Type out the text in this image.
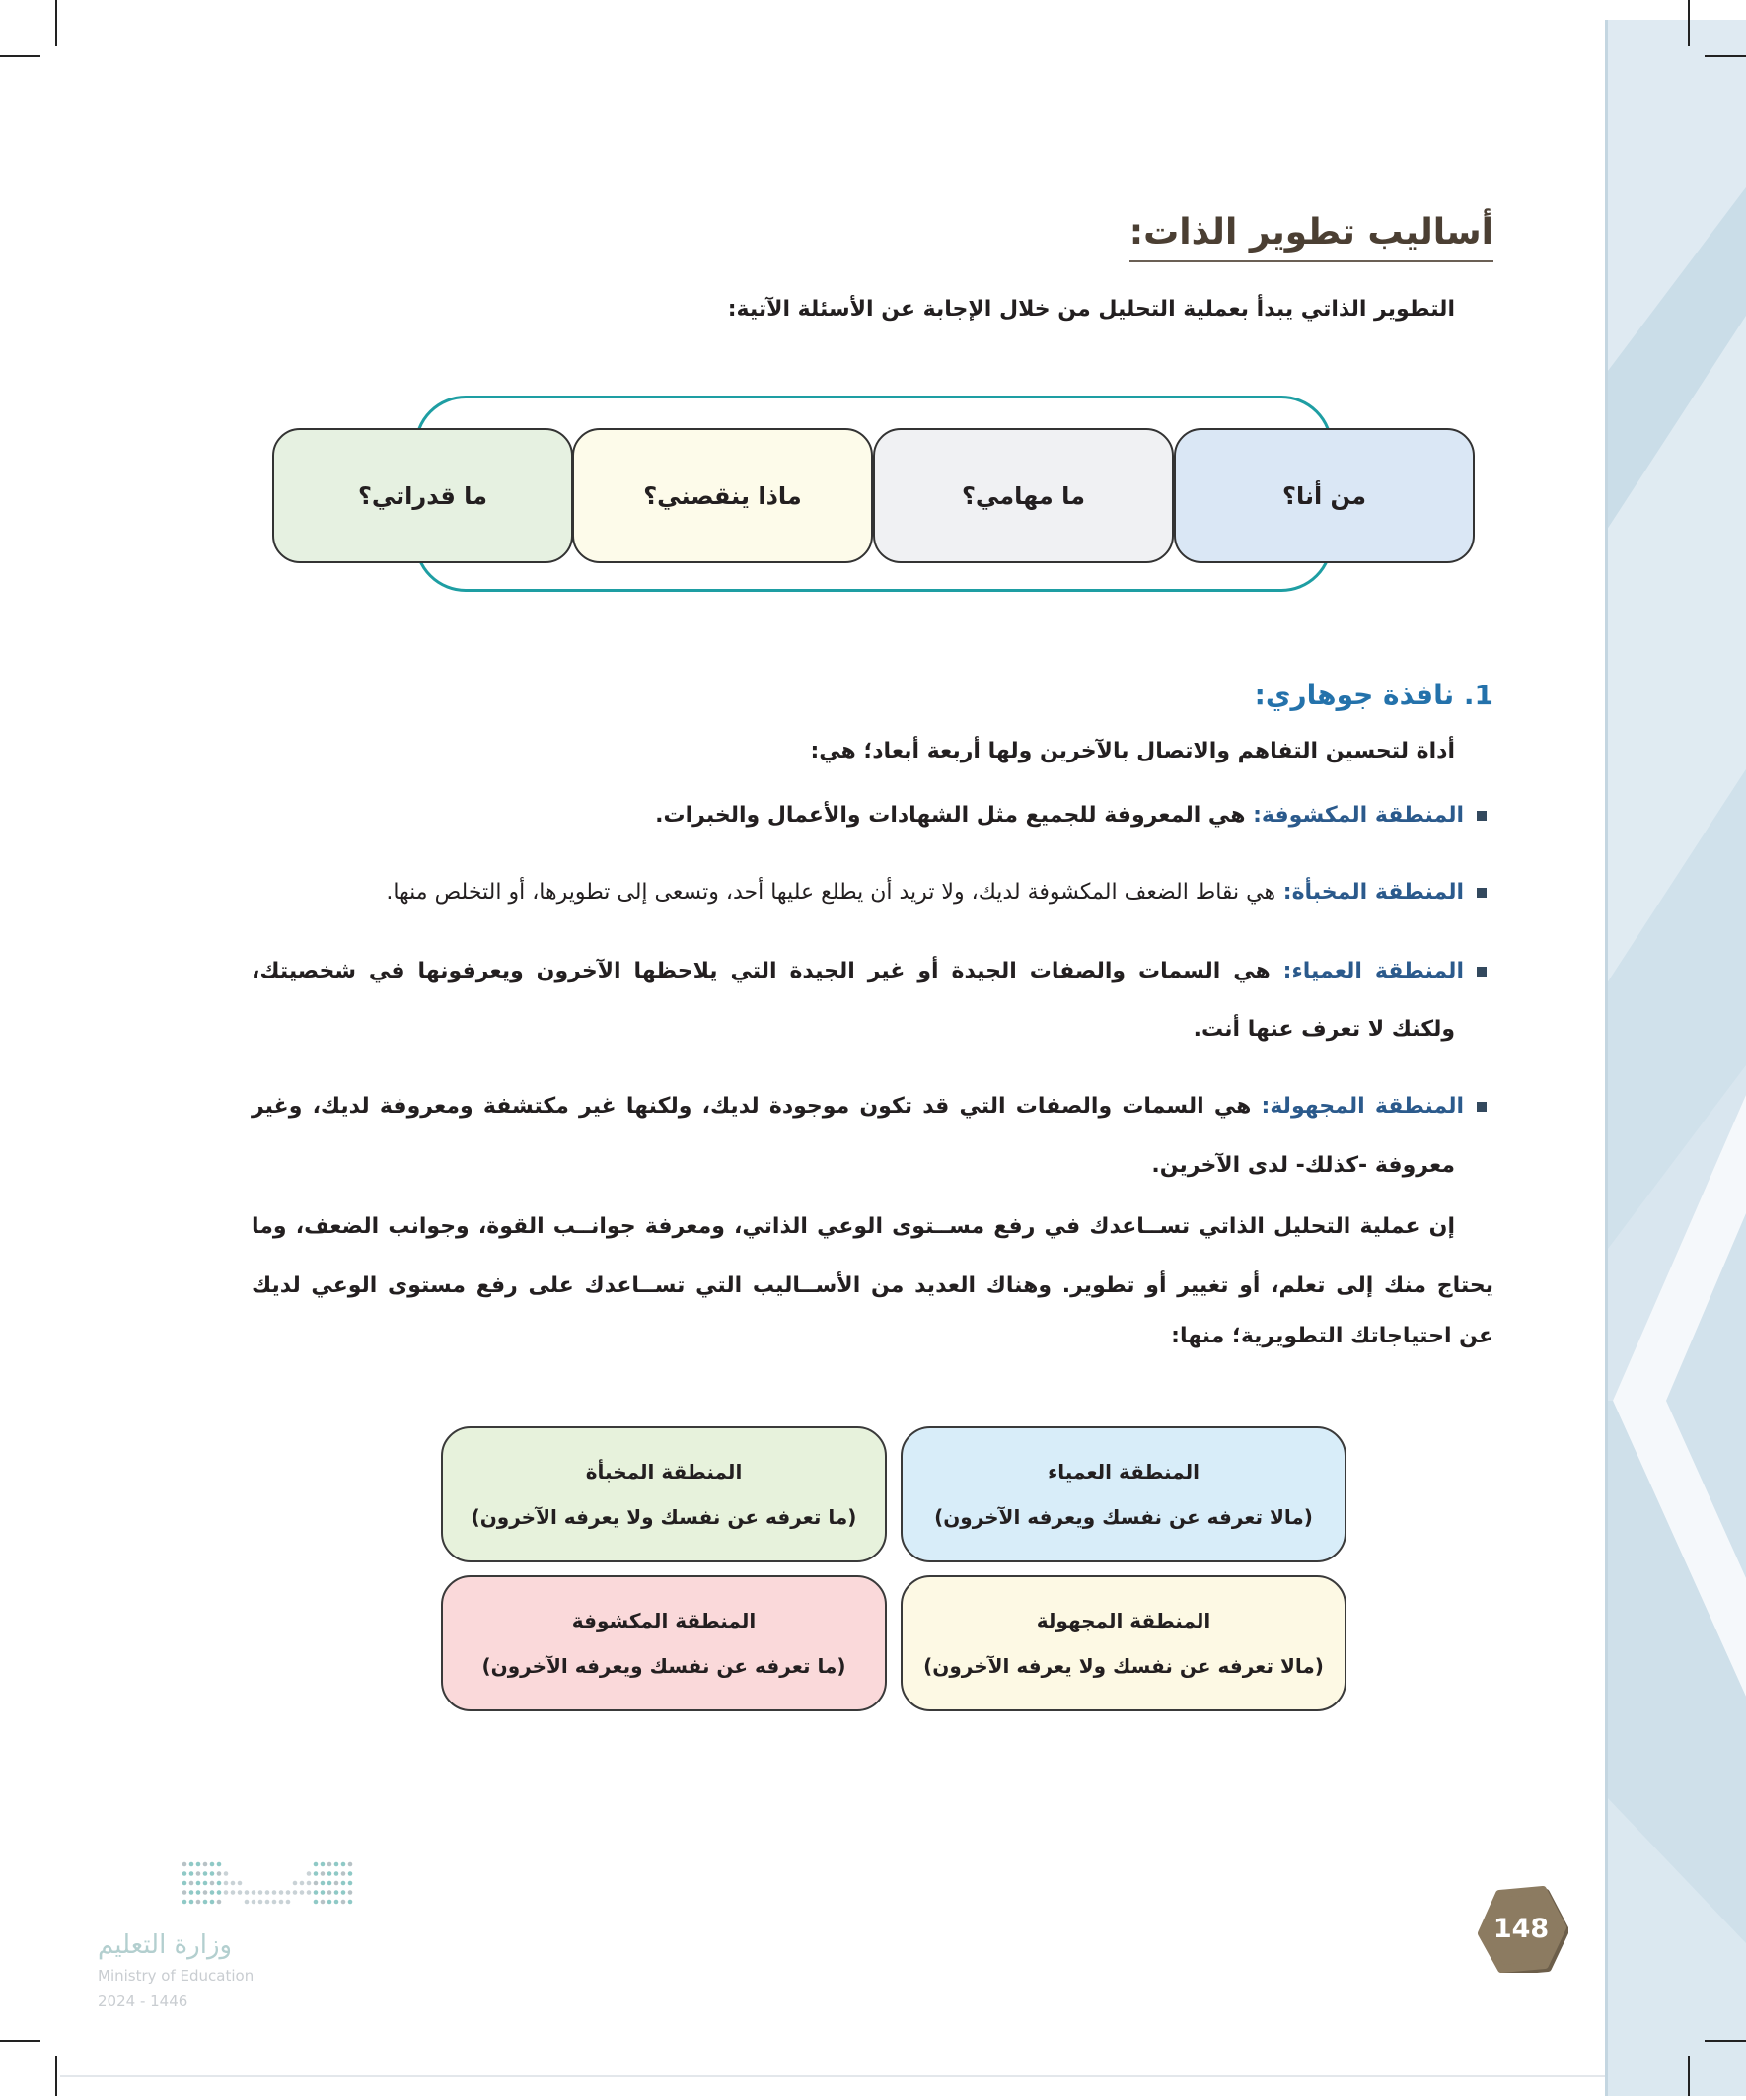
أساليب تطوير الذات:
التطوير الذاتي يبدأ بعملية التحليل من خلال الإجابة عن الأسئلة الآتية:
من أنا؟
ما مهامي؟
ماذا ينقصني؟
ما قدراتي؟
1. نافذة جوهاري:
أداة لتحسين التفاهم والاتصال بالآخرين ولها أربعة أبعاد؛ هي:
المنطقة المكشوفة: هي المعروفة للجميع مثل الشهادات والأعمال والخبرات.
المنطقة المخبأة: هي نقاط الضعف المكشوفة لديك، ولا تريد أن يطلع عليها أحد، وتسعى إلى تطويرها، أو التخلص منها.
المنطقة العمياء: هي السمات والصفات الجيدة أو غير الجيدة التي يلاحظها الآخرون ويعرفونها في شخصيتك،
ولكنك لا تعرف عنها أنت.
المنطقة المجهولة: هي السمات والصفات التي قد تكون موجودة لديك، ولكنها غير مكتشفة ومعروفة لديك، وغير
معروفة -كذلك- لدى الآخرين.
إن عملية التحليل الذاتي تســاعدك في رفع مســتوى الوعي الذاتي، ومعرفة جوانــب القوة، وجوانب الضعف، وما
يحتاج منك إلى تعلم، أو تغيير أو تطوير. وهناك العديد من الأســاليب التي تســاعدك على رفع مستوى الوعي لديك
عن احتياجاتك التطويرية؛ منها:
المنطقة العمياء
(مالا تعرفه عن نفسك ويعرفه الآخرون)
المنطقة المخبأة
(ما تعرفه عن نفسك ولا يعرفه الآخرون)
المنطقة المجهولة
(مالا تعرفه عن نفسك ولا يعرفه الآخرون)
المنطقة المكشوفة
(ما تعرفه عن نفسك ويعرفه الآخرون)
وزارة التعليم
Ministry of Education
2024 - 1446
148
